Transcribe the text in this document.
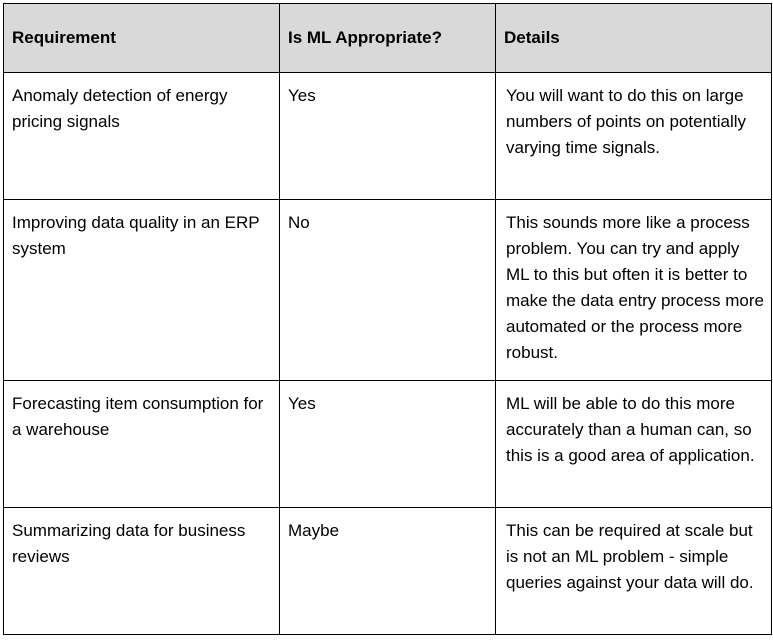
Requirement	Is ML Appropriate?	Details
Anomaly detection of energy pricing signals	Yes	You will want to do this on large numbers of points on potentially varying time signals.
Improving data quality in an ERP system	No	This sounds more like a process problem. You can try and apply ML to this but often it is better to make the data entry process more automated or the process more robust.
Forecasting item consumption for a warehouse	Yes	ML will be able to do this more accurately than a human can, so this is a good area of application.
Summarizing data for business reviews	Maybe	This can be required at scale but is not an ML problem - simple queries against your data will do.
